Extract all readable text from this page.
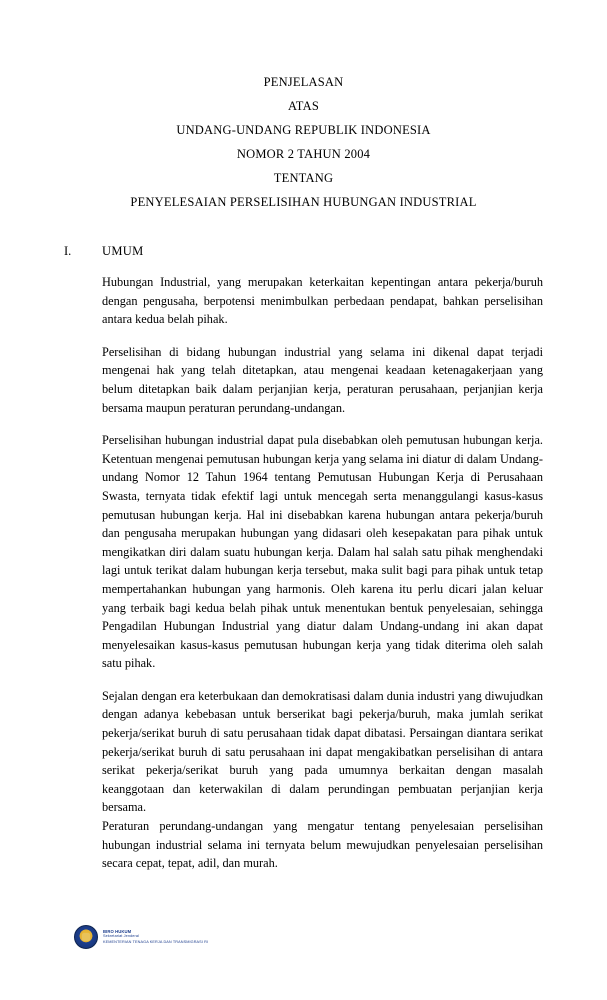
PENJELASAN
ATAS
UNDANG-UNDANG REPUBLIK INDONESIA
NOMOR 2 TAHUN 2004
TENTANG
PENYELESAIAN PERSELISIHAN HUBUNGAN INDUSTRIAL
I.	UMUM

Hubungan Industrial, yang merupakan keterkaitan kepentingan antara pekerja/buruh dengan pengusaha, berpotensi menimbulkan perbedaan pendapat, bahkan perselisihan antara kedua belah pihak.

Perselisihan di bidang hubungan industrial yang selama ini dikenal dapat terjadi mengenai hak yang telah ditetapkan, atau mengenai keadaan ketenagakerjaan yang belum ditetapkan baik dalam perjanjian kerja, peraturan perusahaan, perjanjian kerja bersama maupun peraturan perundang-undangan.

Perselisihan hubungan industrial dapat pula disebabkan oleh pemutusan hubungan kerja. Ketentuan mengenai pemutusan hubungan kerja yang selama ini diatur di dalam Undang-undang Nomor 12 Tahun 1964 tentang Pemutusan Hubungan Kerja di Perusahaan Swasta, ternyata tidak efektif lagi untuk mencegah serta menanggulangi kasus-kasus pemutusan hubungan kerja. Hal ini disebabkan karena hubungan antara pekerja/buruh dan pengusaha merupakan hubungan yang didasari oleh kesepakatan para pihak untuk mengikatkan diri dalam suatu hubungan kerja. Dalam hal salah satu pihak menghendaki lagi untuk terikat dalam hubungan kerja tersebut, maka sulit bagi para pihak untuk tetap mempertahankan hubungan yang harmonis. Oleh karena itu perlu dicari jalan keluar yang terbaik bagi kedua belah pihak untuk menentukan bentuk penyelesaian, sehingga Pengadilan Hubungan Industrial yang diatur dalam Undang-undang ini akan dapat menyelesaikan kasus-kasus pemutusan hubungan kerja yang tidak diterima oleh salah satu pihak.

Sejalan dengan era keterbukaan dan demokratisasi dalam dunia industri yang diwujudkan dengan adanya kebebasan untuk berserikat bagi pekerja/buruh, maka jumlah serikat pekerja/serikat buruh di satu perusahaan tidak dapat dibatasi. Persaingan diantara serikat pekerja/serikat buruh di satu perusahaan ini dapat mengakibatkan perselisihan di antara serikat pekerja/serikat buruh yang pada umumnya berkaitan dengan masalah keanggotaan dan keterwakilan di dalam perundingan pembuatan perjanjian kerja bersama.

Peraturan perundang-undangan yang mengatur tentang penyelesaian perselisihan hubungan industrial selama ini ternyata belum mewujudkan penyelesaian perselisihan secara cepat, tepat, adil, dan murah.

BIRO HUKUM
Sekretariat Jenderal
KEMENTERIAN TENAGA KERJA DAN TRANSMIGRASI RI
